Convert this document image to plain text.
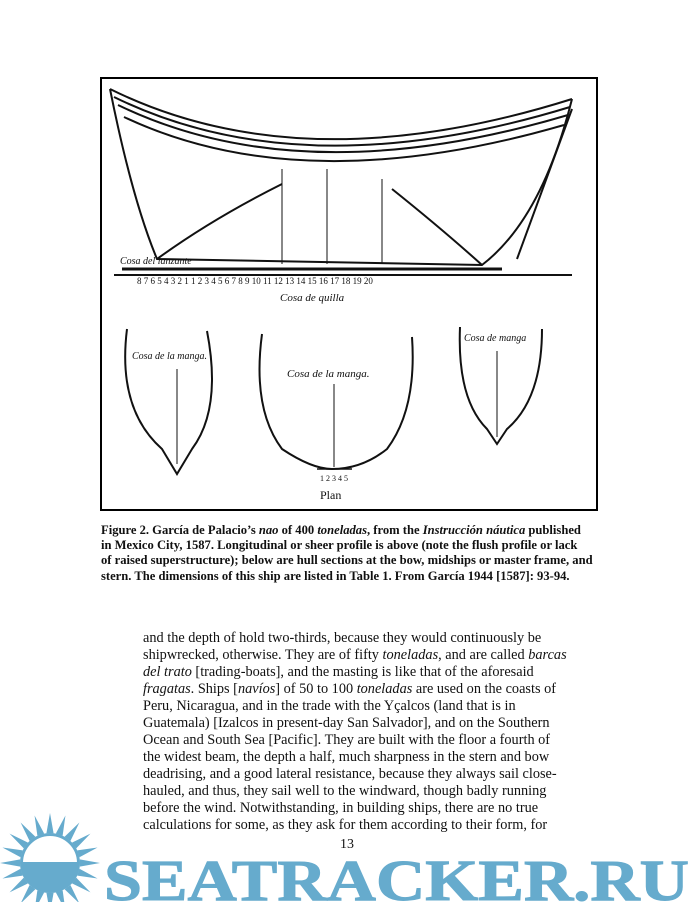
Cosa del lanzante
8 7 6 5 4 3 2 1 1 2 3 4 5 6 7 8 9 10 11 12 13 14 15 16 17 18 19 20
Cosa de quilla
Cosa de la manga.
Cosa de la manga.
1 2 3 4 5
Plan
Cosa de manga
Figure 2. García de Palacio’s nao of 400 toneladas, from the Instrucción náutica published
in Mexico City, 1587. Longitudinal or sheer profile is above (note the flush profile or lack
of raised superstructure); below are hull sections at the bow, midships or master frame, and
stern. The dimensions of this ship are listed in Table 1. From García 1944 [1587]: 93-94.
and the depth of hold two-thirds, because they would continuously be
shipwrecked, otherwise. They are of fifty toneladas, and are called barcas
del trato [trading-boats], and the masting is like that of the aforesaid
fragatas. Ships [navíos] of 50 to 100 toneladas are used on the coasts of
Peru, Nicaragua, and in the trade with the Yçalcos (land that is in
Guatemala) [Izalcos in present-day San Salvador], and on the Southern
Ocean and South Sea [Pacific]. They are built with the floor a fourth of
the widest beam, the depth a half, much sharpness in the stern and bow
deadrising, and a good lateral resistance, because they always sail close-
hauled, and thus, they sail well to the windward, though badly running
before the wind. Notwithstanding, in building ships, there are no true
calculations for some, as they ask for them according to their form, for
SEATRACKER.RU
13
